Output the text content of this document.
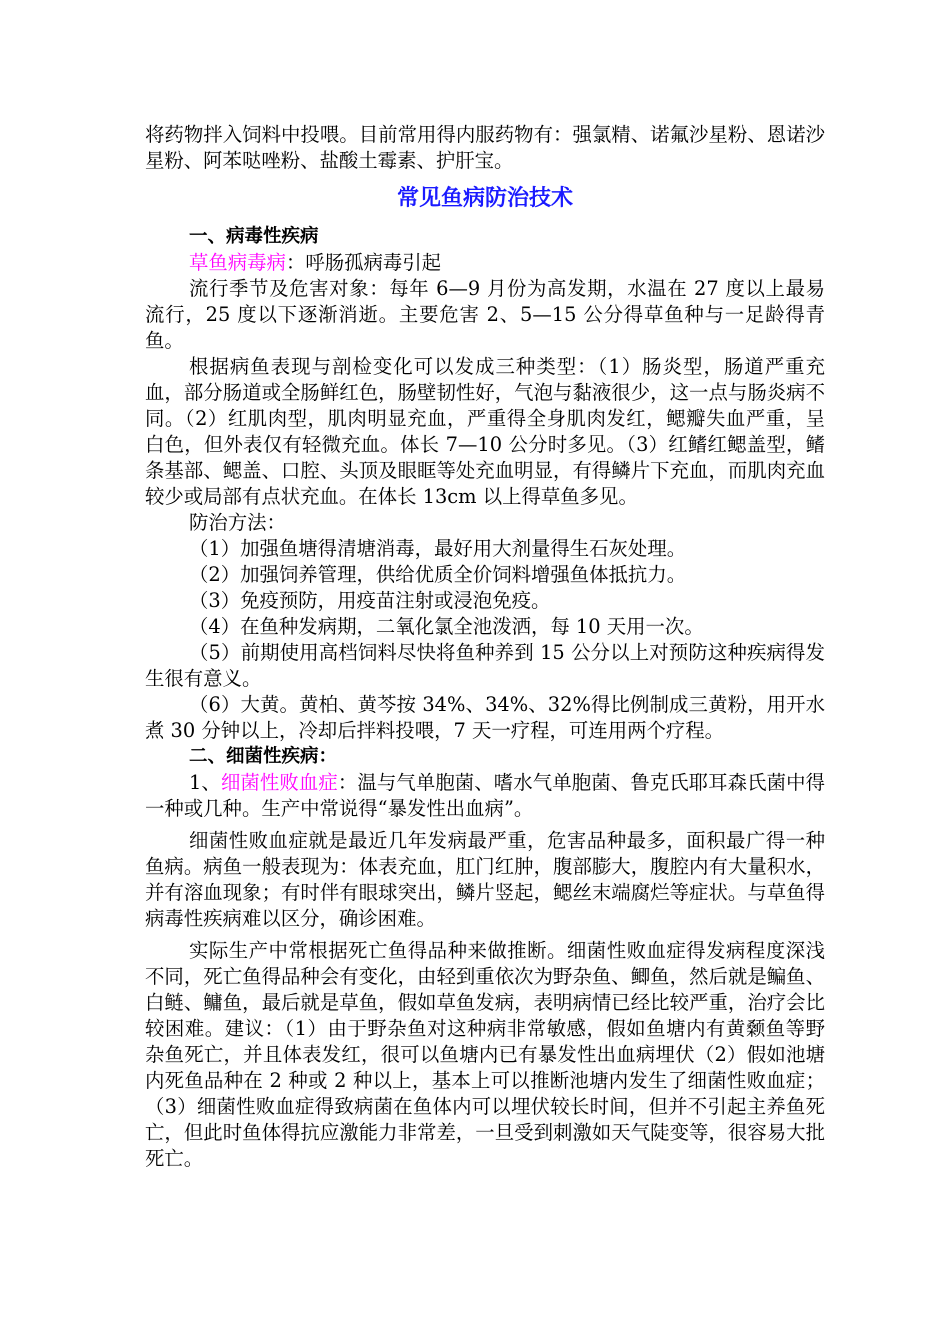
将药物拌入饲料中投喂。目前常用得内服药物有：强氯精、诺氟沙星粉、恩诺沙星粉、阿苯哒唑粉、盐酸土霉素、护肝宝。

常见鱼病防治技术

一、病毒性疾病

草鱼病毒病：呼肠孤病毒引起

流行季节及危害对象：每年 6—9 月份为高发期，水温在 27 度以上最易流行，25 度以下逐渐消逝。主要危害 2、5—15 公分得草鱼种与一足龄得青鱼。

根据病鱼表现与剖检变化可以发成三种类型：（1）肠炎型，肠道严重充血，部分肠道或全肠鲜红色，肠壁韧性好，气泡与黏液很少，这一点与肠炎病不同。（2）红肌肉型，肌肉明显充血，严重得全身肌肉发红，鳃瓣失血严重，呈白色，但外表仅有轻微充血。体长 7—10 公分时多见。（3）红鳍红鳃盖型，鳍条基部、鳃盖、口腔、头顶及眼眶等处充血明显，有得鳞片下充血，而肌肉充血较少或局部有点状充血。在体长 13cm 以上得草鱼多见。

防治方法：

（1）加强鱼塘得清塘消毒，最好用大剂量得生石灰处理。

（2）加强饲养管理，供给优质全价饲料增强鱼体抵抗力。

（3）免疫预防，用疫苗注射或浸泡免疫。

（4）在鱼种发病期，二氧化氯全池泼洒，每 10 天用一次。

（5）前期使用高档饲料尽快将鱼种养到 15 公分以上对预防这种疾病得发生很有意义。

（6）大黄。黄柏、黄芩按 34%、34%、32%得比例制成三黄粉，用开水煮 30 分钟以上，冷却后拌料投喂，7 天一疗程，可连用两个疗程。

二、细菌性疾病：

1、细菌性败血症：温与气单胞菌、嗜水气单胞菌、鲁克氏耶耳森氏菌中得一种或几种。生产中常说得“暴发性出血病”。

细菌性败血症就是最近几年发病最严重，危害品种最多，面积最广得一种鱼病。病鱼一般表现为：体表充血，肛门红肿，腹部膨大，腹腔内有大量积水，并有溶血现象；有时伴有眼球突出，鳞片竖起，鳃丝末端腐烂等症状。与草鱼得病毒性疾病难以区分，确诊困难。

实际生产中常根据死亡鱼得品种来做推断。细菌性败血症得发病程度深浅不同，死亡鱼得品种会有变化，由轻到重依次为野杂鱼、鲫鱼，然后就是鳊鱼、白鲢、鳙鱼，最后就是草鱼，假如草鱼发病，表明病情已经比较严重，治疗会比较困难。建议：（1）由于野杂鱼对这种病非常敏感，假如鱼塘内有黄颡鱼等野杂鱼死亡，并且体表发红，很可以鱼塘内已有暴发性出血病埋伏（2）假如池塘内死鱼品种在 2 种或 2 种以上，基本上可以推断池塘内发生了细菌性败血症；（3）细菌性败血症得致病菌在鱼体内可以埋伏较长时间，但并不引起主养鱼死亡，但此时鱼体得抗应激能力非常差，一旦受到刺激如天气陡变等，很容易大批死亡。
